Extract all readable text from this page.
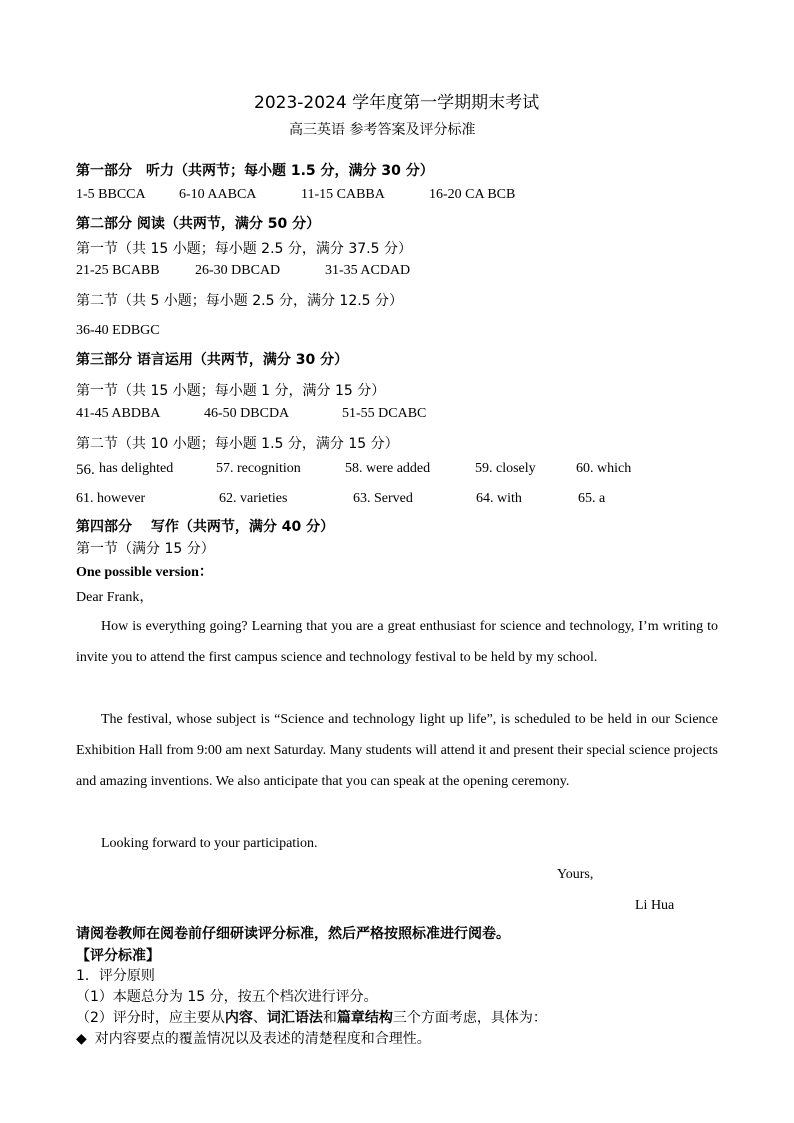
2023-2024 学年度第一学期期末考试
高三英语 参考答案及评分标准
第一部分　听力（共两节；每小题 1.5 分，满分 30 分）
1-5 BBCCA 6-10 AABCA	11-15 CABBA	16-20 CA BCB
第二部分 阅读（共两节，满分 50 分）
第一节（共 15 小题；每小题 2.5 分，满分 37.5 分）
21-25 BCABB	26-30 DBCAD	31-35 ACDAD
第二节（共 5 小题；每小题 2.5 分，满分 12.5 分）
36-40 EDBGC
第三部分 语言运用（共两节，满分 30 分）
第一节（共 15 小题；每小题 1 分，满分 15 分）
41-45 ABDBA	46-50 DBCDA	51-55 DCABC
第二节（共 10 小题；每小题 1.5 分，满分 15 分）
56. has delighted	57. recognition	58. were added	59. closely	60. which
61. however	62. varieties	63. Served	64. with	65. a
第四部分　 写作（共两节，满分 40 分）
第一节（满分 15 分）
One possible version：
Dear Frank，
How is everything going? Learning that you are a great enthusiast for science and technology, I’m writing to invite you to attend the first campus science and technology festival to be held by my school.
The festival, whose subject is “Science and technology light up life”, is scheduled to be held in our Science Exhibition Hall from 9:00 am next Saturday. Many students will attend it and present their special science projects and amazing inventions. We also anticipate that you can speak at the opening ceremony.
Looking forward to your participation.
Yours,
Li Hua
请阅卷教师在阅卷前仔细研读评分标准，然后严格按照标准进行阅卷。
【评分标准】
1．评分原则
（1）本题总分为 15 分，按五个档次进行评分。
（2）评分时，应主要从内容、词汇语法和篇章结构三个方面考虑，具体为：
◆ 对内容要点的覆盖情况以及表述的清楚程度和合理性。
